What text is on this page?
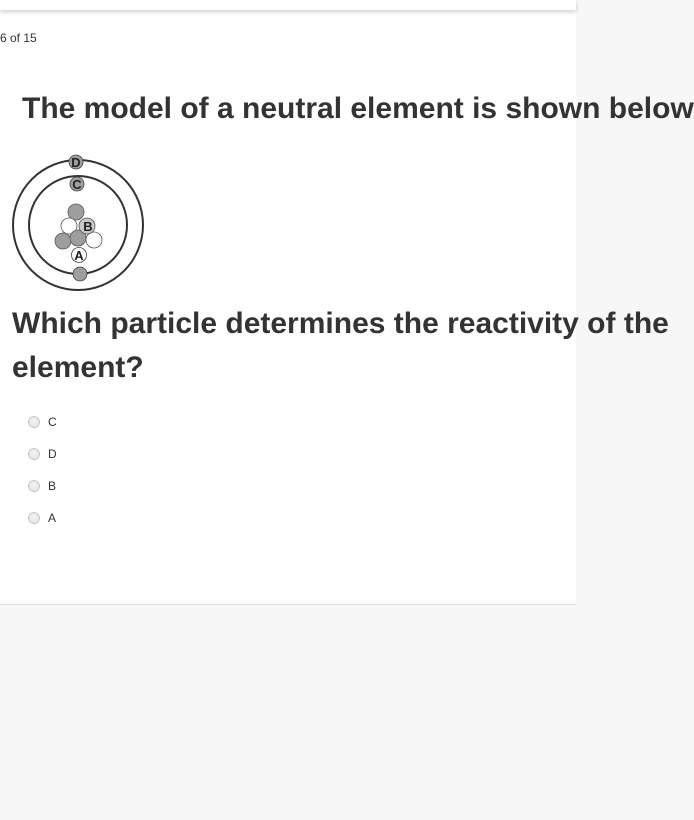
6 of 15
The model of a neutral element is shown below
D
C
B
A
Which particle determines the reactivity of the
element?
C
D
B
A
